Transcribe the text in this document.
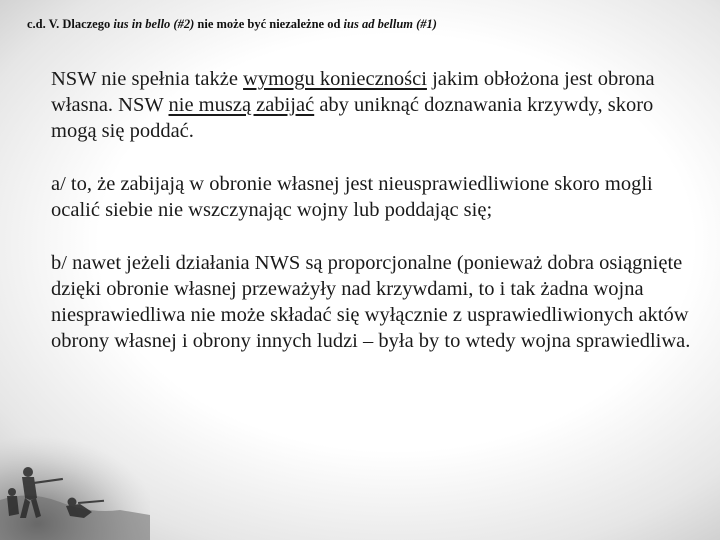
c.d. V. Dlaczego ius in bello (#2) nie może być niezależne od ius ad bellum (#1)

NSW nie spełnia także wymogu konieczności jakim obłożona jest obrona własna. NSW nie muszą zabijać aby uniknąć doznawania krzywdy, skoro mogą się poddać.

a/ to, że zabijają w obronie własnej jest nieusprawiedliwione skoro mogli ocalić siebie nie wszczynając wojny lub poddając się;

b/ nawet jeżeli działania NWS są proporcjonalne (ponieważ dobra osiągnięte dzięki obronie własnej przeważyły nad krzywdami, to i tak żadna wojna niesprawiedliwa nie może składać się wyłącznie z usprawiedliwionych aktów obrony własnej i obrony innych ludzi – była by to wtedy wojna sprawiedliwa.
